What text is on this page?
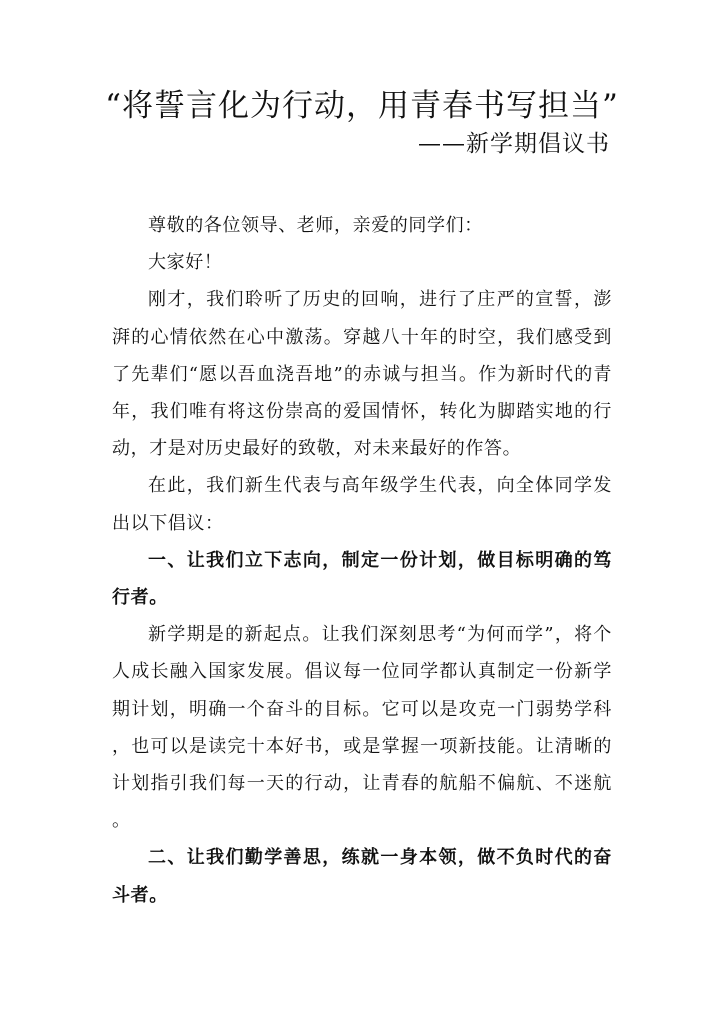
“将誓言化为行动，用青春书写担当”
——新学期倡议书

尊敬的各位领导、老师，亲爱的同学们：

大家好！

刚才，我们聆听了历史的回响，进行了庄严的宣誓，澎湃的心情依然在心中激荡。穿越八十年的时空，我们感受到了先辈们“愿以吾血浇吾地”的赤诚与担当。作为新时代的青年，我们唯有将这份崇高的爱国情怀，转化为脚踏实地的行动，才是对历史最好的致敬，对未来最好的作答。

在此，我们新生代表与高年级学生代表，向全体同学发出以下倡议：

一、让我们立下志向，制定一份计划，做目标明确的笃行者。

新学期是的新起点。让我们深刻思考“为何而学”，将个人成长融入国家发展。倡议每一位同学都认真制定一份新学期计划，明确一个奋斗的目标。它可以是攻克一门弱势学科，也可以是读完十本好书，或是掌握一项新技能。让清晰的计划指引我们每一天的行动，让青春的航船不偏航、不迷航。

二、让我们勤学善思，练就一身本领，做不负时代的奋斗者。
